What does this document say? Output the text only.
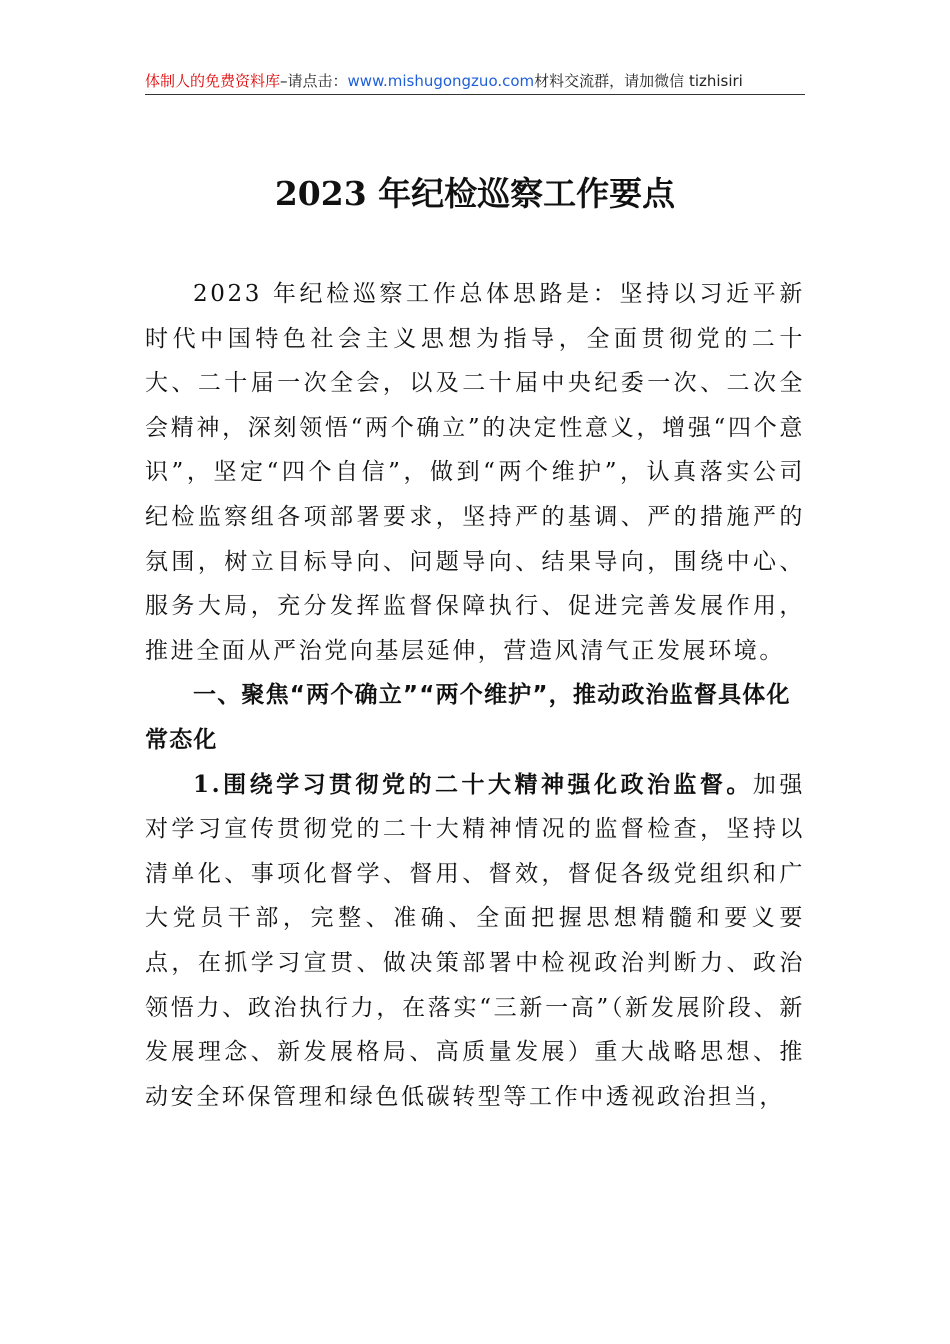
体制人的免费资料库–请点击：www.mishugongzuo.com材料交流群，请加微信 tizhisiri
2023 年纪检巡察工作要点

2023 年纪检巡察工作总体思路是：坚持以习近平新时代中国特色社会主义思想为指导，全面贯彻党的二十大、二十届一次全会，以及二十届中央纪委一次、二次全会精神，深刻领悟“两个确立”的决定性意义，增强“四个意识”，坚定“四个自信”，做到“两个维护”，认真落实公司纪检监察组各项部署要求，坚持严的基调、严的措施严的氛围，树立目标导向、问题导向、结果导向，围绕中心、服务大局，充分发挥监督保障执行、促进完善发展作用，推进全面从严治党向基层延伸，营造风清气正发展环境。

一、聚焦“两个确立”“两个维护”，推动政治监督具体化常态化

1.围绕学习贯彻党的二十大精神强化政治监督。加强对学习宣传贯彻党的二十大精神情况的监督检查，坚持以清单化、事项化督学、督用、督效，督促各级党组织和广大党员干部，完整、准确、全面把握思想精髓和要义要点，在抓学习宣贯、做决策部署中检视政治判断力、政治领悟力、政治执行力，在落实“三新一高”（新发展阶段、新发展理念、新发展格局、高质量发展）重大战略思想、推动安全环保管理和绿色低碳转型等工作中透视政治担当，
